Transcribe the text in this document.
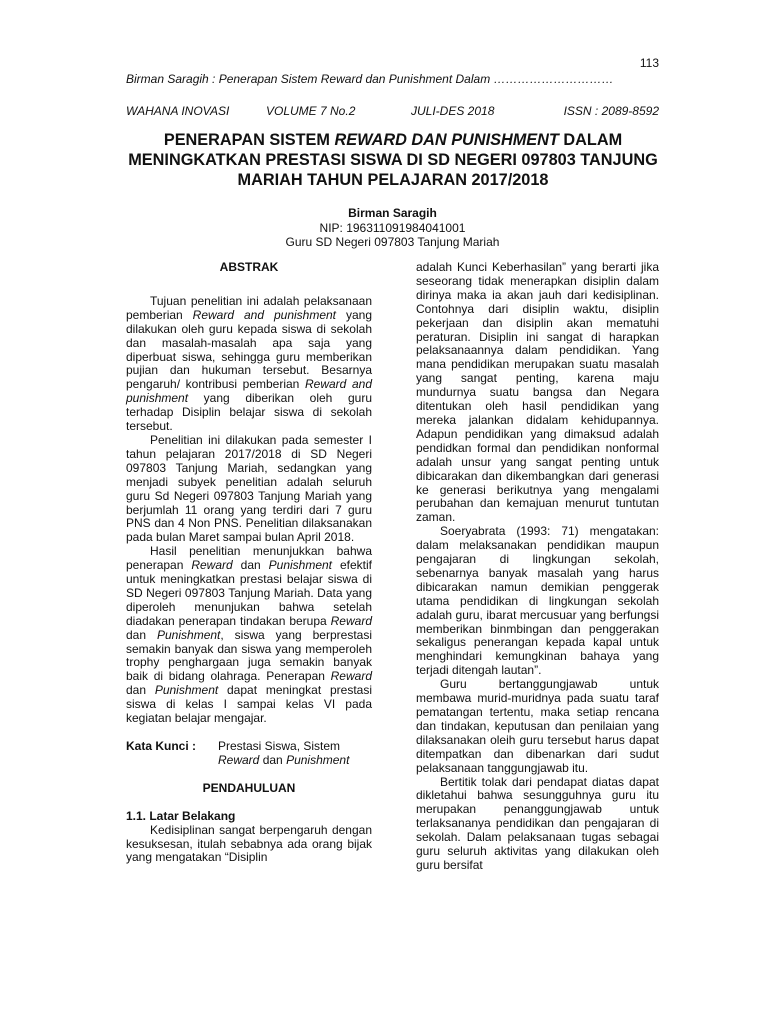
113
Birman Saragih : Penerapan Sistem Reward dan Punishment Dalam …………………………
WAHANA INOVASI	VOLUME 7 No.2	JULI-DES 2018	ISSN : 2089-8592
PENERAPAN SISTEM REWARD DAN PUNISHMENT DALAM MENINGKATKAN PRESTASI SISWA DI SD NEGERI 097803 TANJUNG MARIAH TAHUN PELAJARAN 2017/2018
Birman Saragih
NIP: 196311091984041001
Guru SD Negeri 097803 Tanjung Mariah

ABSTRAK

Tujuan penelitian ini adalah pelaksanaan pemberian Reward and punishment yang dilakukan oleh guru kepada siswa di sekolah dan masalah-masalah apa saja yang diperbuat siswa, sehingga guru memberikan pujian dan hukuman tersebut. Besarnya pengaruh/ kontribusi pemberian Reward and punishment yang diberikan oleh guru terhadap Disiplin belajar siswa di sekolah tersebut.

Penelitian ini dilakukan pada semester I tahun pelajaran 2017/2018 di SD Negeri 097803 Tanjung Mariah, sedangkan yang menjadi subyek penelitian adalah seluruh guru Sd Negeri 097803 Tanjung Mariah yang berjumlah 11 orang yang terdiri dari 7 guru PNS dan 4 Non PNS. Penelitian dilaksanakan pada bulan Maret sampai bulan April 2018.

Hasil penelitian menunjukkan bahwa penerapan Reward dan Punishment efektif untuk meningkatkan prestasi belajar siswa di SD Negeri 097803 Tanjung Mariah. Data yang diperoleh menunjukan bahwa setelah diadakan penerapan tindakan berupa Reward dan Punishment, siswa yang berprestasi semakin banyak dan siswa yang memperoleh trophy penghargaan juga semakin banyak baik di bidang olahraga. Penerapan Reward dan Punishment dapat meningkat prestasi siswa di kelas I sampai kelas VI pada kegiatan belajar mengajar.

Kata Kunci :	Prestasi Siswa, Sistem Reward dan Punishment

PENDAHULUAN

1.1. Latar Belakang

Kedisiplinan sangat berpengaruh dengan kesuksesan, itulah sebabnya ada orang bijak yang mengatakan “Disiplin

adalah Kunci Keberhasilan” yang berarti jika seseorang tidak menerapkan disiplin dalam dirinya maka ia akan jauh dari kedisiplinan. Contohnya dari disiplin waktu, disiplin pekerjaan dan disiplin akan mematuhi peraturan. Disiplin ini sangat di harapkan pelaksanaannya dalam pendidikan. Yang mana pendidikan merupakan suatu masalah yang sangat penting, karena maju mundurnya suatu bangsa dan Negara ditentukan oleh hasil pendidikan yang mereka jalankan didalam kehidupannya. Adapun pendidikan yang dimaksud adalah pendidkan formal dan pendidikan nonformal adalah unsur yang sangat penting untuk dibicarakan dan dikembangkan dari generasi ke generasi berikutnya yang mengalami perubahan dan kemajuan menurut tuntutan zaman.

Soeryabrata (1993: 71) mengatakan: dalam melaksanakan pendidikan maupun pengajaran di lingkungan sekolah, sebenarnya banyak masalah yang harus dibicarakan namun demikian penggerak utama pendidikan di lingkungan sekolah adalah guru, ibarat mercusuar yang berfungsi memberikan binmbingan dan penggerakan sekaligus penerangan kepada kapal untuk menghindari kemungkinan bahaya yang terjadi ditengah lautan”.

Guru bertanggungjawab untuk membawa murid-muridnya pada suatu taraf pematangan tertentu, maka setiap rencana dan tindakan, keputusan dan penilaian yang dilaksanakan oleih guru tersebut harus dapat ditempatkan dan dibenarkan dari sudut pelaksanaan tanggungjawab itu.

Bertitik tolak dari pendapat diatas dapat dikletahui bahwa sesungguhnya guru itu merupakan penanggungjawab untuk terlaksananya pendidikan dan pengajaran di sekolah. Dalam pelaksanaan tugas sebagai guru seluruh aktivitas yang dilakukan oleh guru bersifat
